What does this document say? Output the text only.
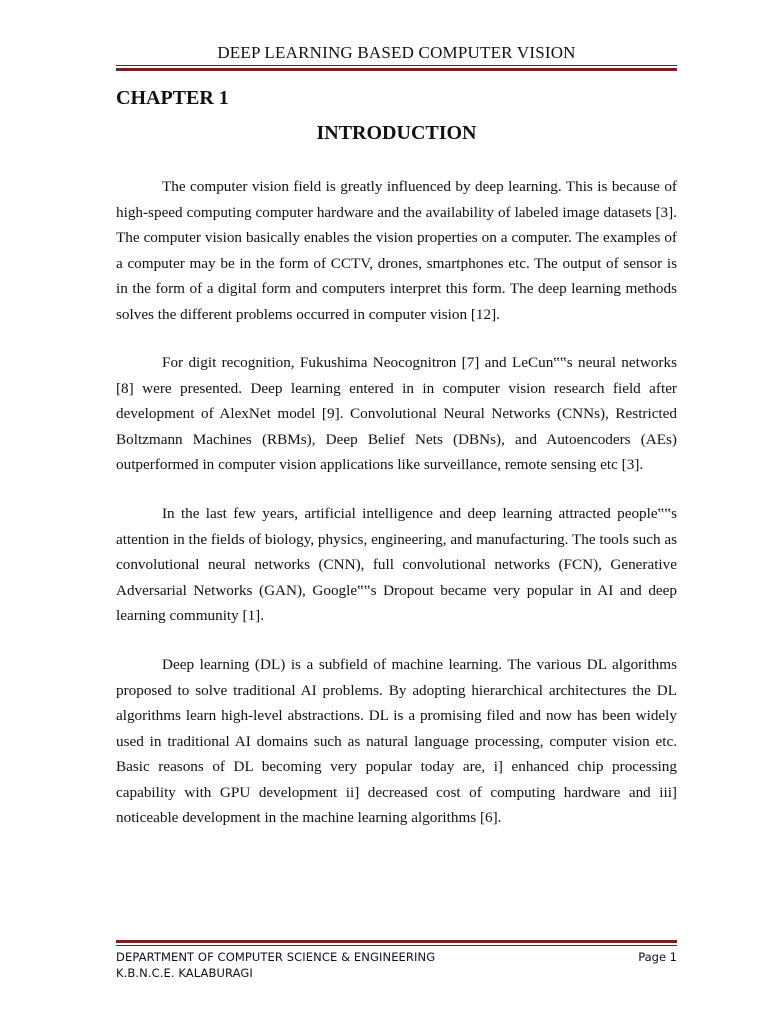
DEEP LEARNING BASED COMPUTER VISION
CHAPTER 1
INTRODUCTION

The computer vision field is greatly influenced by deep learning. This is because of high-speed computing computer hardware and the availability of labeled image datasets [3]. The computer vision basically enables the vision properties on a computer. The examples of a computer may be in the form of CCTV, drones, smartphones etc. The output of sensor is in the form of a digital form and computers interpret this form. The deep learning methods solves the different problems occurred in computer vision [12].

For digit recognition, Fukushima Neocognitron [7] and LeCun‟‟s neural networks [8] were presented. Deep learning entered in in computer vision research field after development of AlexNet model [9]. Convolutional Neural Networks (CNNs), Restricted Boltzmann Machines (RBMs), Deep Belief Nets (DBNs), and Autoencoders (AEs) outperformed in computer vision applications like surveillance, remote sensing etc [3].

In the last few years, artificial intelligence and deep learning attracted people‟‟s attention in the fields of biology, physics, engineering, and manufacturing. The tools such as convolutional neural networks (CNN), full convolutional networks (FCN), Generative Adversarial Networks (GAN), Google‟‟s Dropout became very popular in AI and deep learning community [1].

Deep learning (DL) is a subfield of machine learning. The various DL algorithms proposed to solve traditional AI problems. By adopting hierarchical architectures the DL algorithms learn high-level abstractions. DL is a promising filed and now has been widely used in traditional AI domains such as natural language processing, computer vision etc. Basic reasons of DL becoming very popular today are, i] enhanced chip processing capability with GPU development ii] decreased cost of computing hardware and iii] noticeable development in the machine learning algorithms [6].

DEPARTMENT OF COMPUTER SCIENCE & ENGINEERING
K.B.N.C.E. KALABURAGI
Page 1
